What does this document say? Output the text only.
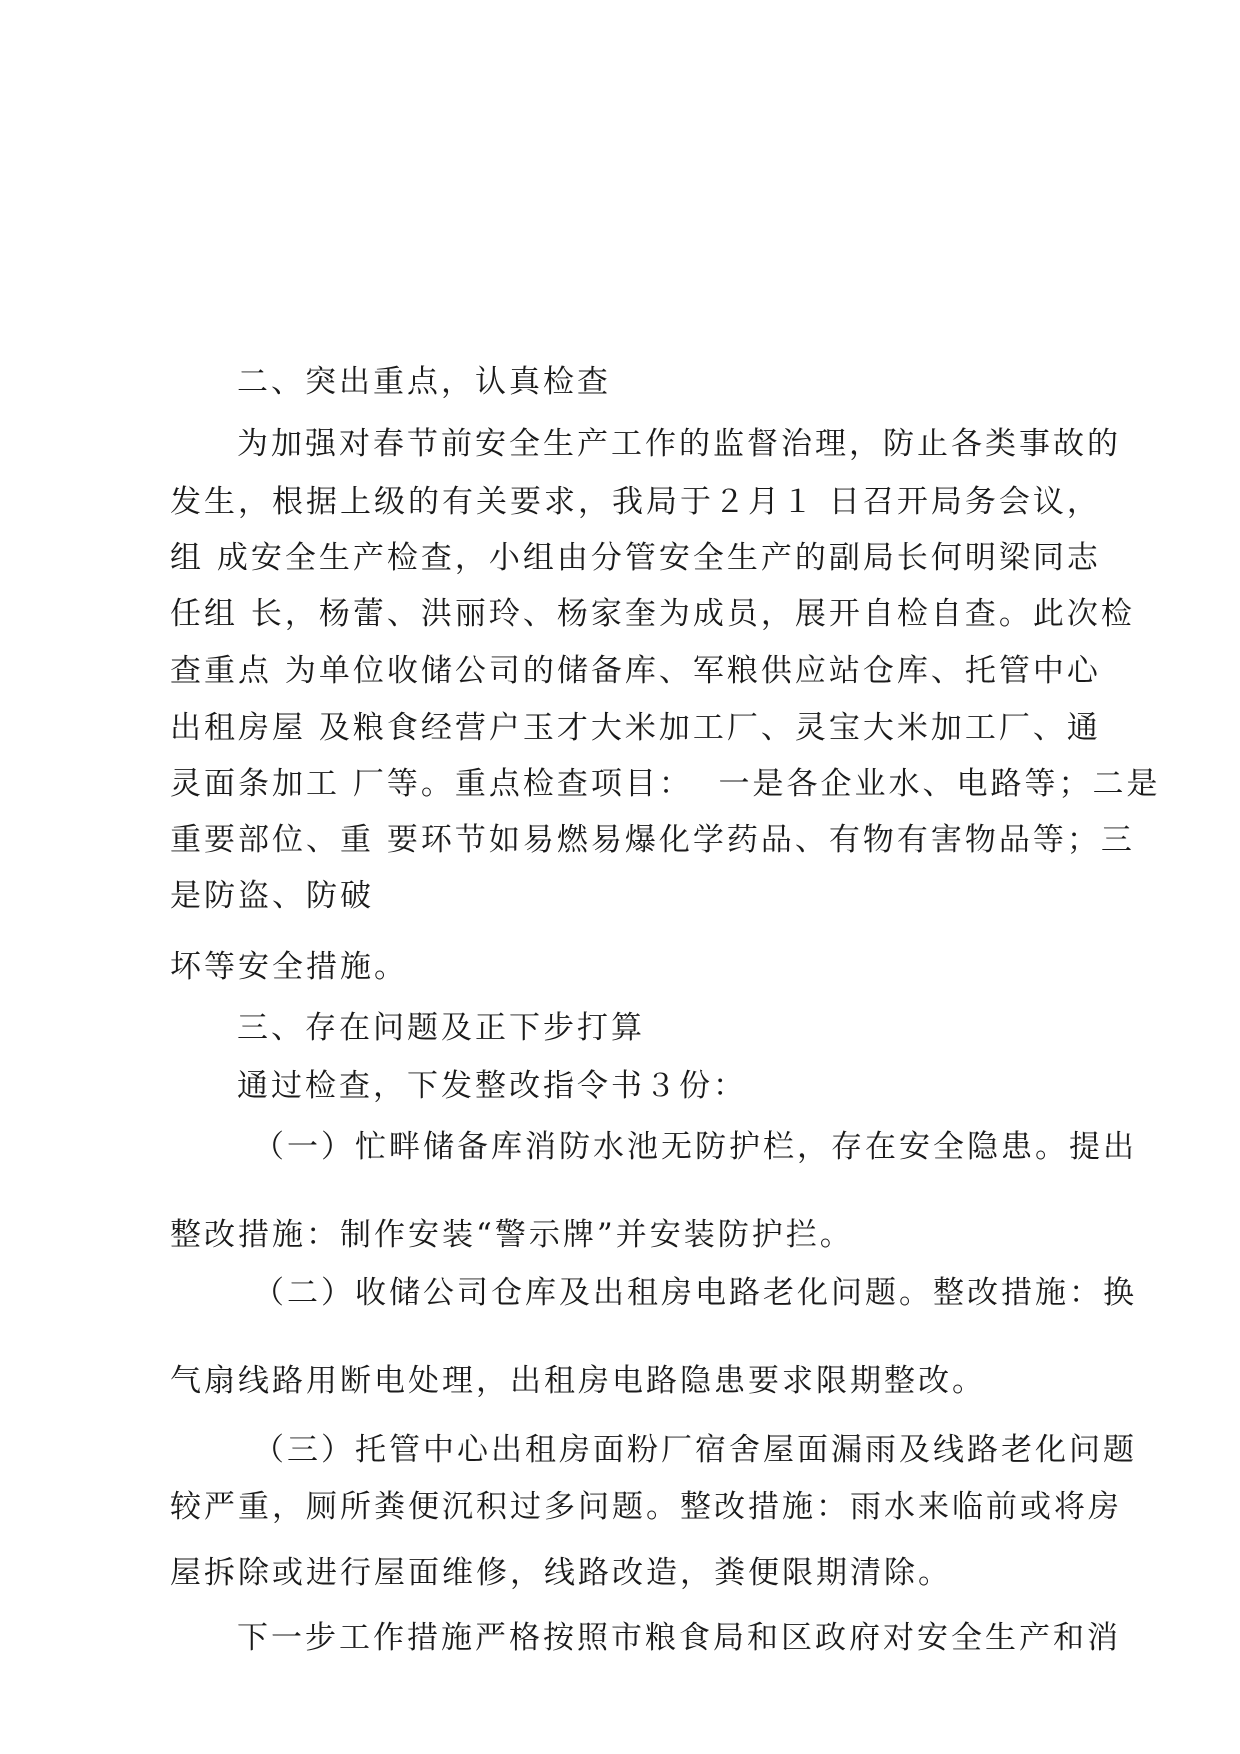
二、突出重点，认真检查

为加强对春节前安全生产工作的监督治理，防止各类事故的

发生，根据上级的有关要求，我局于２月１ 日召开局务会议，

组 成安全生产检查，小组由分管安全生产的副局长何明梁同志

任组 长，杨蕾、洪丽玲、杨家奎为成员，展开自检自查。此次检

查重点 为单位收储公司的储备库、军粮供应站仓库、托管中心

出租房屋 及粮食经营户玉才大米加工厂、灵宝大米加工厂、通

灵面条加工 厂等。重点检查项目：  一是各企业水、电路等；二是

重要部位、重 要环节如易燃易爆化学药品、有物有害物品等；三

是防盗、防破

坏等安全措施。

三、存在问题及正下步打算

通过检查，下发整改指令书３份：

（一）忙畔储备库消防水池无防护栏，存在安全隐患。提出

整改措施：制作安装“警示牌”并安装防护拦。

（二）收储公司仓库及出租房电路老化问题。整改措施：换

气扇线路用断电处理，出租房电路隐患要求限期整改。

（三）托管中心出租房面粉厂宿舍屋面漏雨及线路老化问题

较严重，厕所粪便沉积过多问题。整改措施：雨水来临前或将房

屋拆除或进行屋面维修，线路改造，粪便限期清除。

下一步工作措施严格按照市粮食局和区政府对安全生产和消
